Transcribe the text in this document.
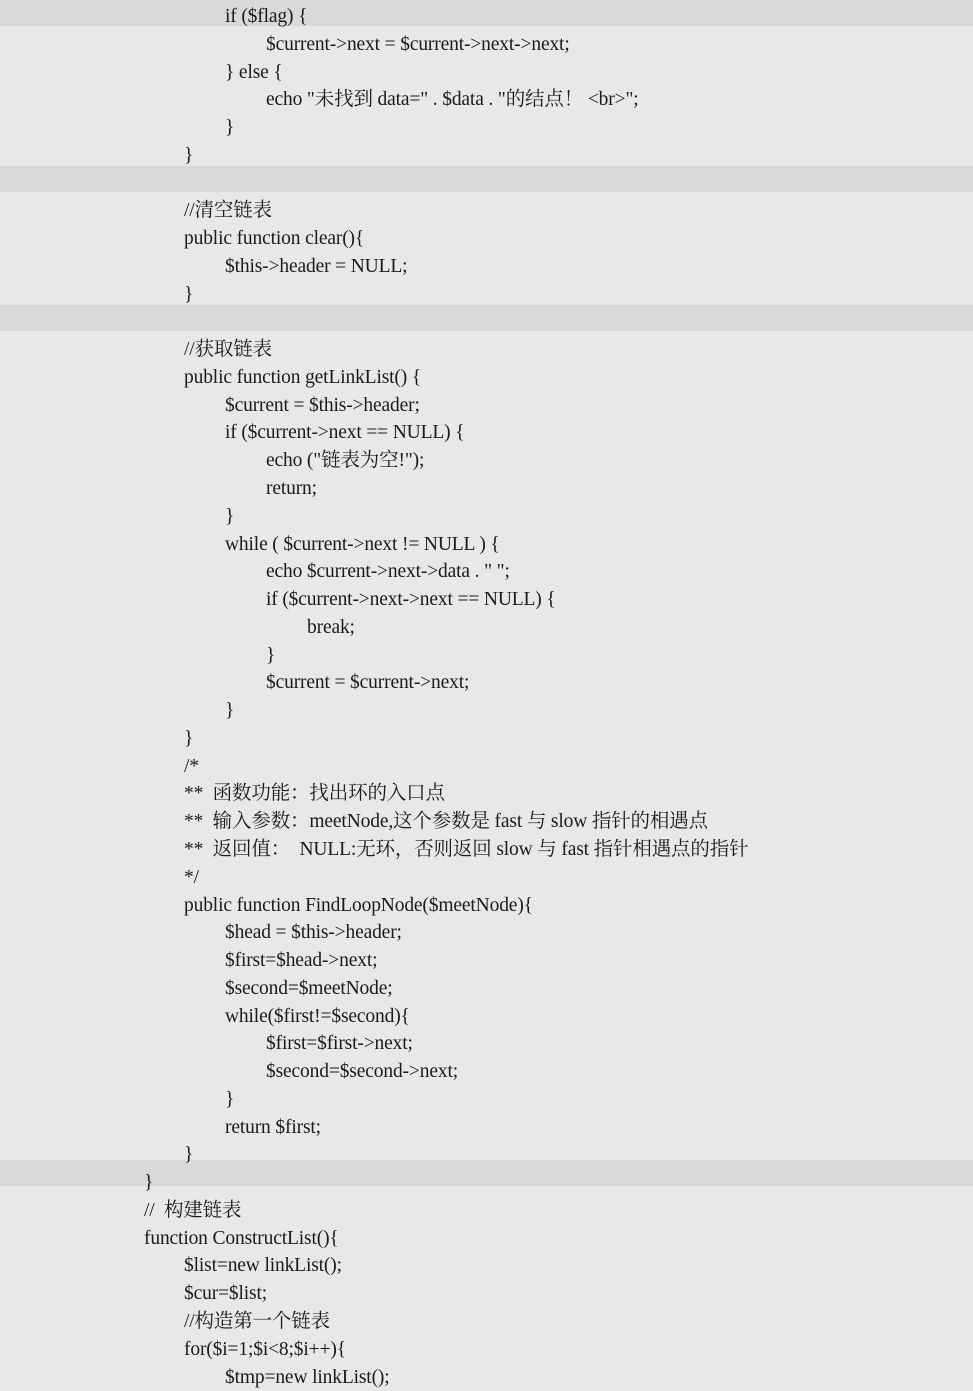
if ($flag) {
$current->next = $current->next->next;
} else {
echo "未找到 data=" . $data . "的结点！ <br>";
}
}
//清空链表
public function clear(){
$this->header = NULL;
}
//获取链表
public function getLinkList() {
$current = $this->header;
if ($current->next == NULL) {
echo ("链表为空!");
return;
}
while ( $current->next != NULL ) {
echo $current->next->data . " ";
if ($current->next->next == NULL) {
break;
}
$current = $current->next;
}
}
/*
**  函数功能：找出环的入口点
**  输入参数：meetNode,这个参数是 fast 与 slow 指针的相遇点
**  返回值：  NULL:无环，否则返回 slow 与 fast 指针相遇点的指针
*/
public function FindLoopNode($meetNode){
$head = $this->header;
$first=$head->next;
$second=$meetNode;
while($first!=$second){
$first=$first->next;
$second=$second->next;
}
return $first;
}
}
//  构建链表
function ConstructList(){
$list=new linkList();
$cur=$list;
//构造第一个链表
for($i=1;$i<8;$i++){
$tmp=new linkList();
